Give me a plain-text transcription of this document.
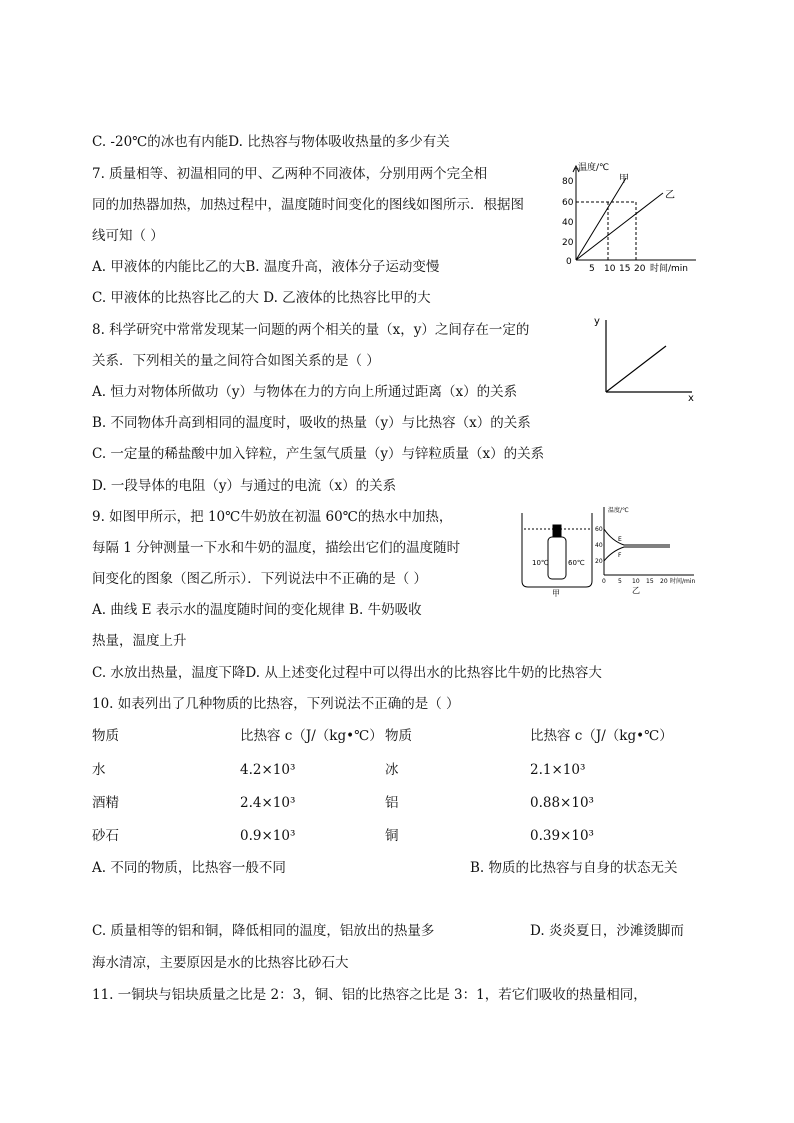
C. -20℃的冰也有内能D. 比热容与物体吸收热量的多少有关
7. 质量相等、初温相同的甲、乙两种不同液体，分别用两个完全相
同的加热器加热，加热过程中，温度随时间变化的图线如图所示．根据图
线可知（ ）
A. 甲液体的内能比乙的大B. 温度升高，液体分子运动变慢
C. 甲液体的比热容比乙的大 D. 乙液体的比热容比甲的大
温度/℃
80
60
40
20
0
5 10 15 20 时间/min
甲
乙
8. 科学研究中常常发现某一问题的两个相关的量（x，y）之间存在一定的
关系．下列相关的量之间符合如图关系的是（ ）
A. 恒力对物体所做功（y）与物体在力的方向上所通过距离（x）的关系
B. 不同物体升高到相同的温度时，吸收的热量（y）与比热容（x）的关系
C. 一定量的稀盐酸中加入锌粒，产生氢气质量（y）与锌粒质量（x）的关系
D. 一段导体的电阻（y）与通过的电流（x）的关系
y
x
9. 如图甲所示，把 10℃牛奶放在初温 60℃的热水中加热，
每隔 1 分钟测量一下水和牛奶的温度，描绘出它们的温度随时
间变化的图象（图乙所示）．下列说法中不正确的是（ ）
A. 曲线 E 表示水的温度随时间的变化规律 B. 牛奶吸收
热量，温度上升
C. 水放出热量，温度下降D. 从上述变化过程中可以得出水的比热容比牛奶的比热容大
10℃	60℃
甲
温度/℃
60
40
20
0 5 10 15 20 时间/min
E
F
乙
10. 如表列出了几种物质的比热容，下列说法不正确的是（ ）
物质	比热容 c（J/（kg•℃） 物质	比热容 c（J/（kg•℃）
水	4.2×10³	冰	2.1×10³
酒精	2.4×10³	铝	0.88×10³
砂石	0.9×10³	铜	0.39×10³
A. 不同的物质，比热容一般不同	B. 物质的比热容与自身的状态无关
C. 质量相等的铝和铜，降低相同的温度，铝放出的热量多	D. 炎炎夏日，沙滩烫脚而
海水清凉，主要原因是水的比热容比砂石大
11. 一铜块与铝块质量之比是 2：3，铜、铝的比热容之比是 3：1，若它们吸收的热量相同，
